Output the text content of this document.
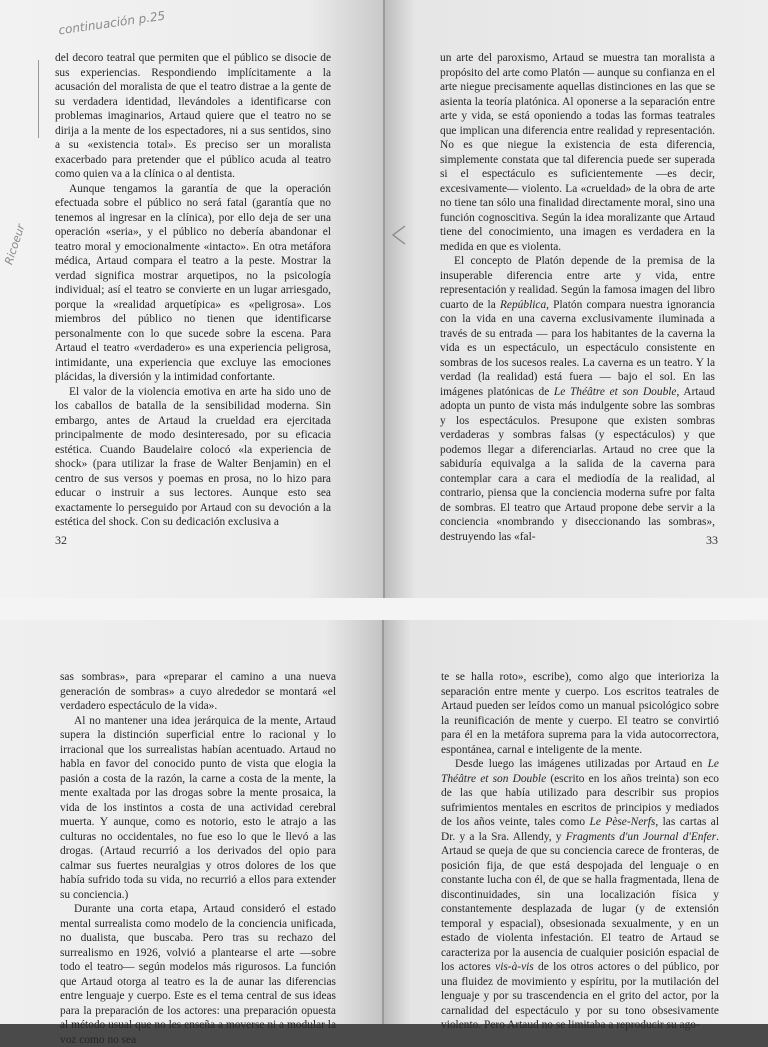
continuación p.25
Ricoeur

del decoro teatral que permiten que el público se disocie de sus experiencias. Respondiendo implícitamente a la acusación del moralista de que el teatro distrae a la gente de su verdadera identidad, llevándoles a identificarse con problemas imaginarios, Artaud quiere que el teatro no se dirija a la mente de los espectadores, ni a sus sentidos, sino a su «existencia total». Es preciso ser un moralista exacerbado para pretender que el público acuda al teatro como quien va a la clínica o al dentista.

Aunque tengamos la garantía de que la operación efectuada sobre el público no será fatal (garantía que no tenemos al ingresar en la clínica), por ello deja de ser una operación «seria», y el público no debería abandonar el teatro moral y emocionalmente «intacto». En otra metáfora médica, Artaud compara el teatro a la peste. Mostrar la verdad significa mostrar arquetipos, no la psicología individual; así el teatro se convierte en un lugar arriesgado, porque la «realidad arquetípica» es «peligrosa». Los miembros del público no tienen que identificarse personalmente con lo que sucede sobre la escena. Para Artaud el teatro «verdadero» es una experiencia peligrosa, intimidante, una experiencia que excluye las emociones plácidas, la diversión y la intimidad confortante.

El valor de la violencia emotiva en arte ha sido uno de los caballos de batalla de la sensibilidad moderna. Sin embargo, antes de Artaud la crueldad era ejercitada principalmente de modo desinteresado, por su eficacia estética. Cuando Baudelaire colocó «la experiencia de shock» (para utilizar la frase de Walter Benjamin) en el centro de sus versos y poemas en prosa, no lo hizo para educar o instruir a sus lectores. Aunque esto sea exactamente lo perseguido por Artaud con su devoción a la estética del shock. Con su dedicación exclusiva a

32

un arte del paroxismo, Artaud se muestra tan moralista a propósito del arte como Platón — aunque su confianza en el arte niegue precisamente aquellas distinciones en las que se asienta la teoría platónica. Al oponerse a la separación entre arte y vida, se está oponiendo a todas las formas teatrales que implican una diferencia entre realidad y representación. No es que niegue la existencia de esta diferencia, simplemente constata que tal diferencia puede ser superada si el espectáculo es suficientemente —es decir, excesivamente— violento. La «crueldad» de la obra de arte no tiene tan sólo una finalidad directamente moral, sino una función cognoscitiva. Según la idea moralizante que Artaud tiene del conocimiento, una imagen es verdadera en la medida en que es violenta.

El concepto de Platón depende de la premisa de la insuperable diferencia entre arte y vida, entre representación y realidad. Según la famosa imagen del libro cuarto de la República, Platón compara nuestra ignorancia con la vida en una caverna exclusivamente iluminada a través de su entrada — para los habitantes de la caverna la vida es un espectáculo, un espectáculo consistente en sombras de los sucesos reales. La caverna es un teatro. Y la verdad (la realidad) está fuera — bajo el sol. En las imágenes platónicas de Le Théâtre et son Double, Artaud adopta un punto de vista más indulgente sobre las sombras y los espectáculos. Presupone que existen sombras verdaderas y sombras falsas (y espectáculos) y que podemos llegar a diferenciarlas. Artaud no cree que la sabiduría equivalga a la salida de la caverna para contemplar cara a cara el mediodía de la realidad, al contrario, piensa que la conciencia moderna sufre por falta de sombras. El teatro que Artaud propone debe servir a la conciencia «nombrando y diseccionando las sombras», destruyendo las «fal-	33

sas sombras», para «preparar el camino a una nueva generación de sombras» a cuyo alrededor se montará «el verdadero espectáculo de la vida».

Al no mantener una idea jerárquica de la mente, Artaud supera la distinción superficial entre lo racional y lo irracional que los surrealistas habían acentuado. Artaud no habla en favor del conocido punto de vista que elogia la pasión a costa de la razón, la carne a costa de la mente, la mente exaltada por las drogas sobre la mente prosaica, la vida de los instintos a costa de una actividad cerebral muerta. Y aunque, como es notorio, esto le atrajo a las culturas no occidentales, no fue eso lo que le llevó a las drogas. (Artaud recurrió a los derivados del opio para calmar sus fuertes neuralgias y otros dolores de los que había sufrido toda su vida, no recurrió a ellos para extender su conciencia.)

Durante una corta etapa, Artaud consideró el estado mental surrealista como modelo de la conciencia unificada, no dualista, que buscaba. Pero tras su rechazo del surrealismo en 1926, volvió a plantearse el arte —sobre todo el teatro— según modelos más rigurosos. La función que Artaud otorga al teatro es la de aunar las diferencias entre lenguaje y cuerpo. Este es el tema central de sus ideas para la preparación de los actores: una preparación opuesta al método usual que no les enseña a moverse ni a modular la voz como no sea

te se halla roto», escribe), como algo que interioriza la separación entre mente y cuerpo. Los escritos teatrales de Artaud pueden ser leídos como un manual psicológico sobre la reunificación de mente y cuerpo. El teatro se convirtió para él en la metáfora suprema para la vida autocorrectora, espontánea, carnal e inteligente de la mente.

Desde luego las imágenes utilizadas por Artaud en Le Théâtre et son Double (escrito en los años treinta) son eco de las que había utilizado para describir sus propios sufrimientos mentales en escritos de principios y mediados de los años veinte, tales como Le Pèse-Nerfs, las cartas al Dr. y a la Sra. Allendy, y Fragments d'un Journal d'Enfer. Artaud se queja de que su conciencia carece de fronteras, de posición fija, de que está despojada del lenguaje o en constante lucha con él, de que se halla fragmentada, llena de discontinuidades, sin una localización física y constantemente desplazada de lugar (y de extensión temporal y espacial), obsesionada sexualmente, y en un estado de violenta infestación. El teatro de Artaud se caracteriza por la ausencia de cualquier posición espacial de los actores vis-à-vis de los otros actores o del público, por una fluidez de movimiento y espíritu, por la mutilación del lenguaje y por su trascendencia en el grito del actor, por la carnalidad del espectáculo y por su tono obsesivamente violento. Pero Artaud no se limitaba a reproducir su ago-
